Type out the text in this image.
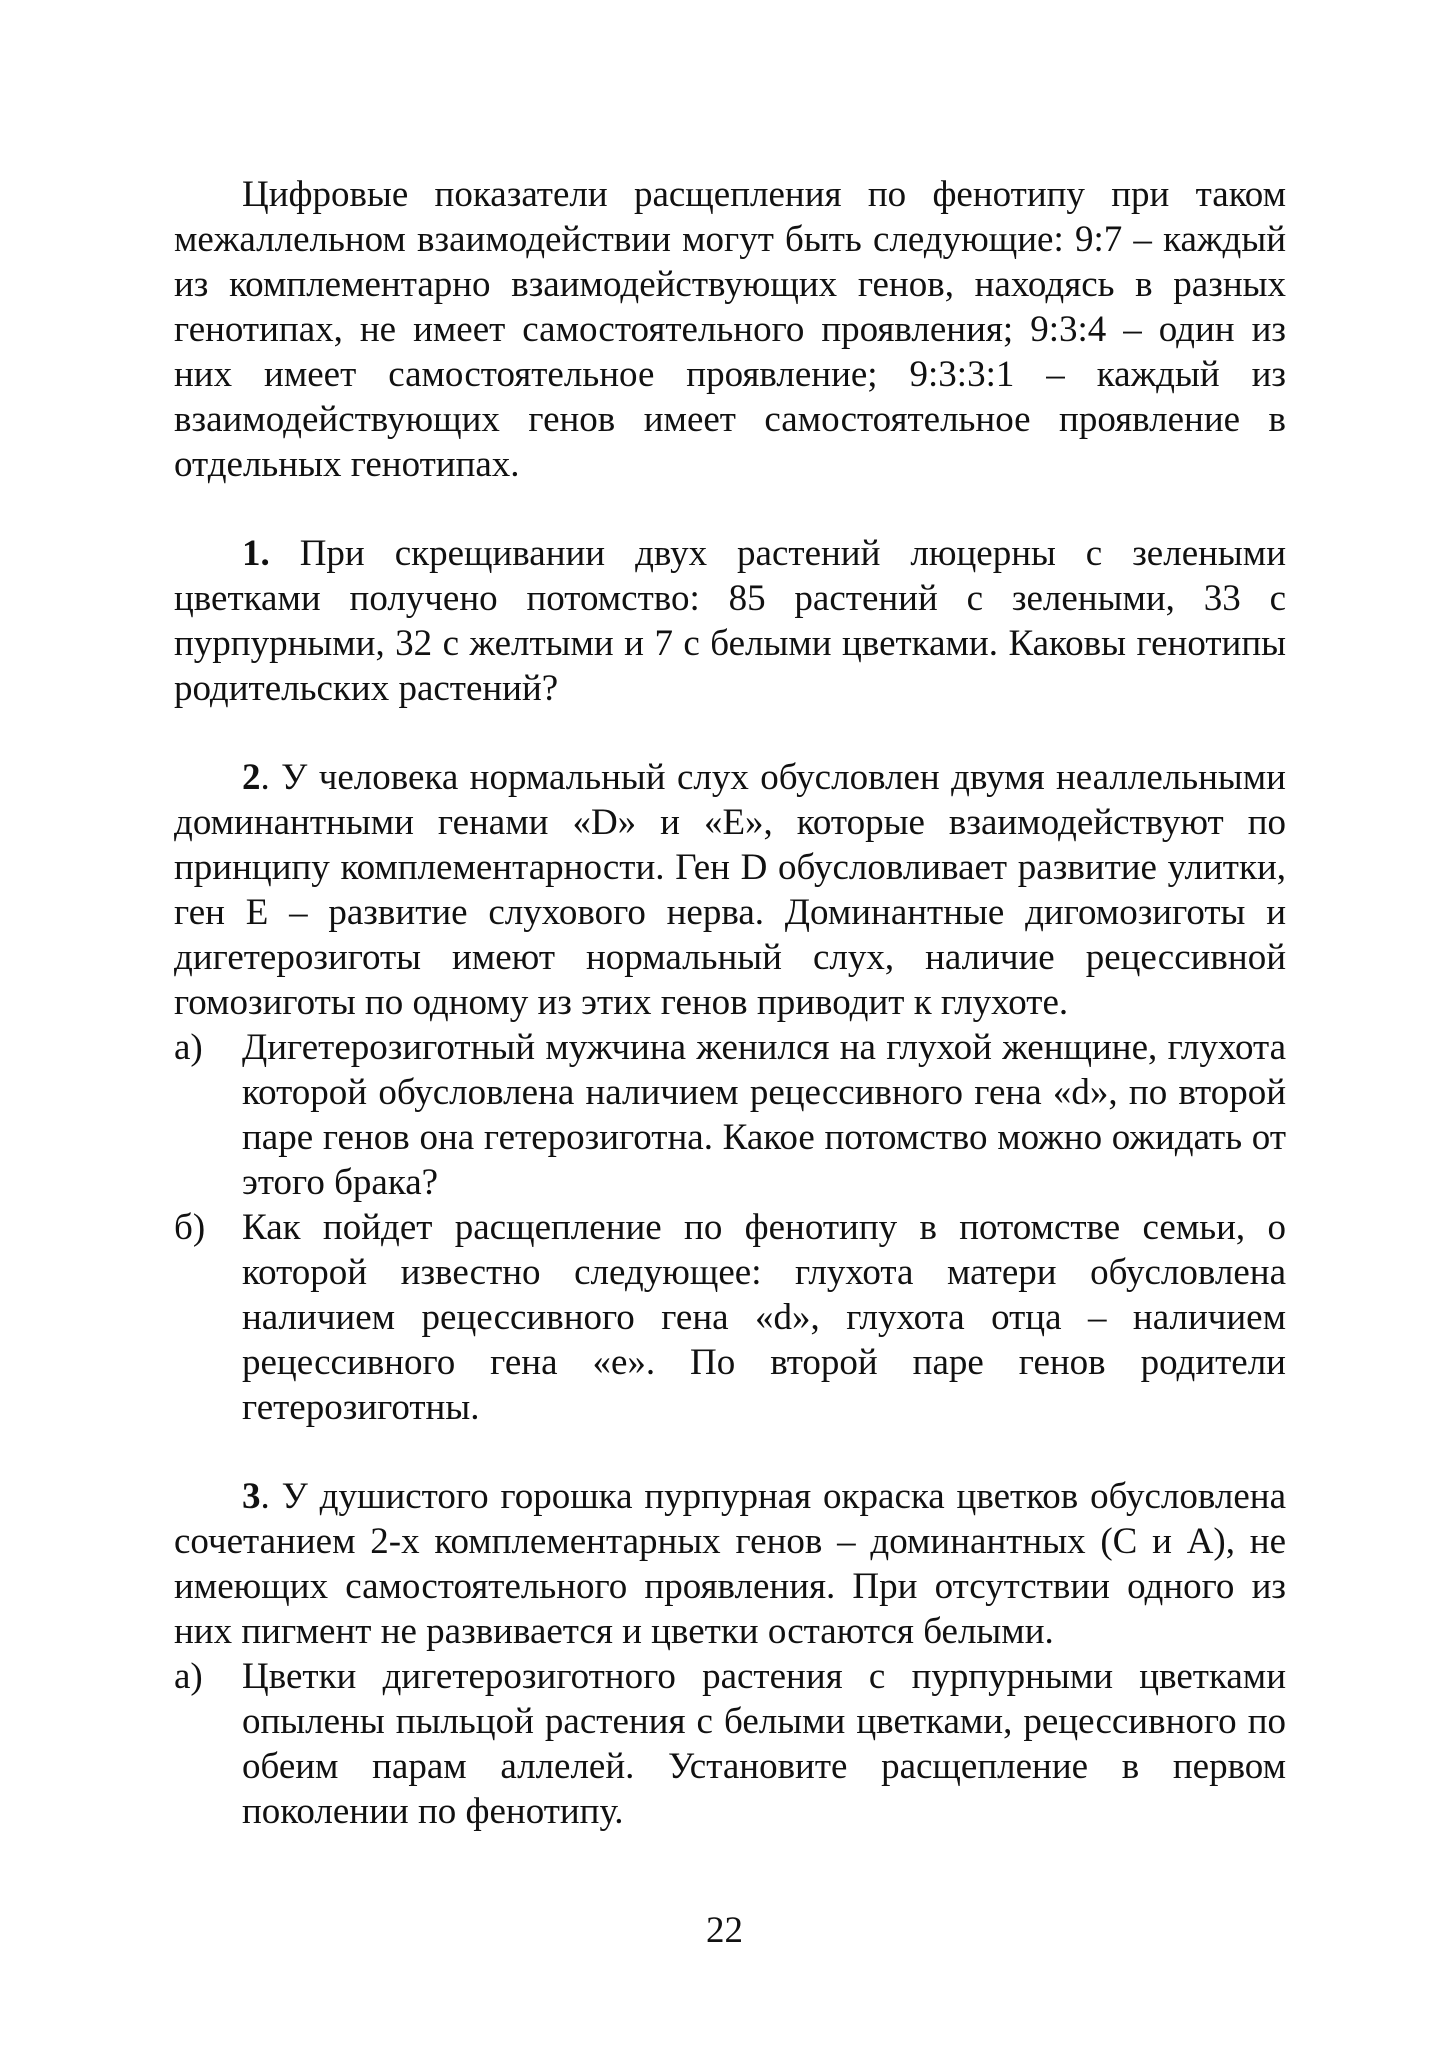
Цифровые показатели расщепления по фенотипу при таком межаллельном взаимодействии могут быть следующие: 9:7 – каждый из комплементарно взаимодействующих генов, находясь в разных генотипах, не имеет самостоятельного проявления; 9:3:4 – один из них имеет самостоятельное проявление; 9:3:3:1 – каждый из взаимодействующих генов имеет самостоятельное проявление в отдельных генотипах.

1. При скрещивании двух растений люцерны с зелеными цветками получено потомство: 85 растений с зелеными, 33 с пурпурными, 32 с желтыми и 7 с белыми цветками. Каковы генотипы родительских растений?

2. У человека нормальный слух обусловлен двумя неаллельными доминантными генами «D» и «E», которые взаимодействуют по принципу комплементарности. Ген D обусловливает развитие улитки, ген E – развитие слухового нерва. Доминантные дигомозиготы и дигетерозиготы имеют нормальный слух, наличие рецессивной гомозиготы по одному из этих генов приводит к глухоте.

а) Дигетерозиготный мужчина женился на глухой женщине, глухота которой обусловлена наличием рецессивного гена «d», по второй паре генов она гетерозиготна. Какое потомство можно ожидать от этого брака?

б) Как пойдет расщепление по фенотипу в потомстве семьи, о которой известно следующее: глухота матери обусловлена наличием рецессивного гена «d», глухота отца – наличием рецессивного гена «e». По второй паре генов родители гетерозиготны.

3. У душистого горошка пурпурная окраска цветков обусловлена сочетанием 2-х комплементарных генов – доминантных (C и A), не имеющих самостоятельного проявления. При отсутствии одного из них пигмент не развивается и цветки остаются белыми.

а) Цветки дигетерозиготного растения с пурпурными цветками опылены пыльцой растения с белыми цветками, рецессивного по обеим парам аллелей. Установите расщепление в первом поколении по фенотипу.

22
